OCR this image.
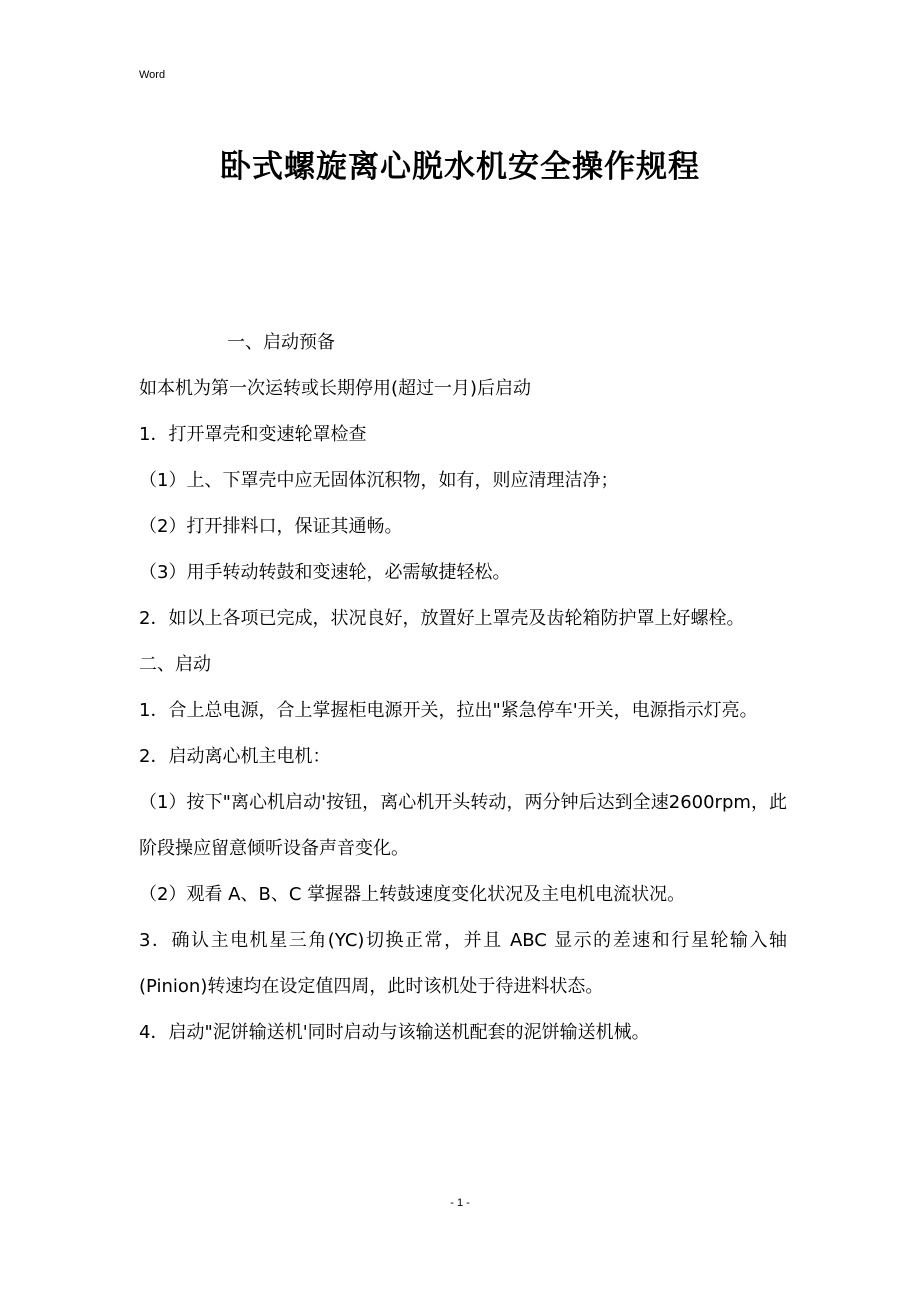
Word
卧式螺旋离心脱水机安全操作规程

一、启动预备

如本机为第一次运转或长期停用(超过一月)后启动

1．打开罩壳和变速轮罩检查

（1）上、下罩壳中应无固体沉积物，如有，则应清理洁净；

（2）打开排料口，保证其通畅。

（3）用手转动转鼓和变速轮，必需敏捷轻松。

2．如以上各项已完成，状况良好，放置好上罩壳及齿轮箱防护罩上好螺栓。

二、启动

1．合上总电源，合上掌握柜电源开关，拉出"紧急停车'开关，电源指示灯亮。

2．启动离心机主电机：

（1）按下"离心机启动'按钮，离心机开头转动，两分钟后达到全速2600rpm，此阶段操应留意倾听设备声音变化。

（2）观看 A、B、C 掌握器上转鼓速度变化状况及主电机电流状况。

3．确认主电机星三角(YC)切换正常，并且 ABC 显示的差速和行星轮输入轴(Pinion)转速均在设定值四周，此时该机处于待进料状态。

4．启动"泥饼输送机'同时启动与该输送机配套的泥饼输送机械。

- 1 -
